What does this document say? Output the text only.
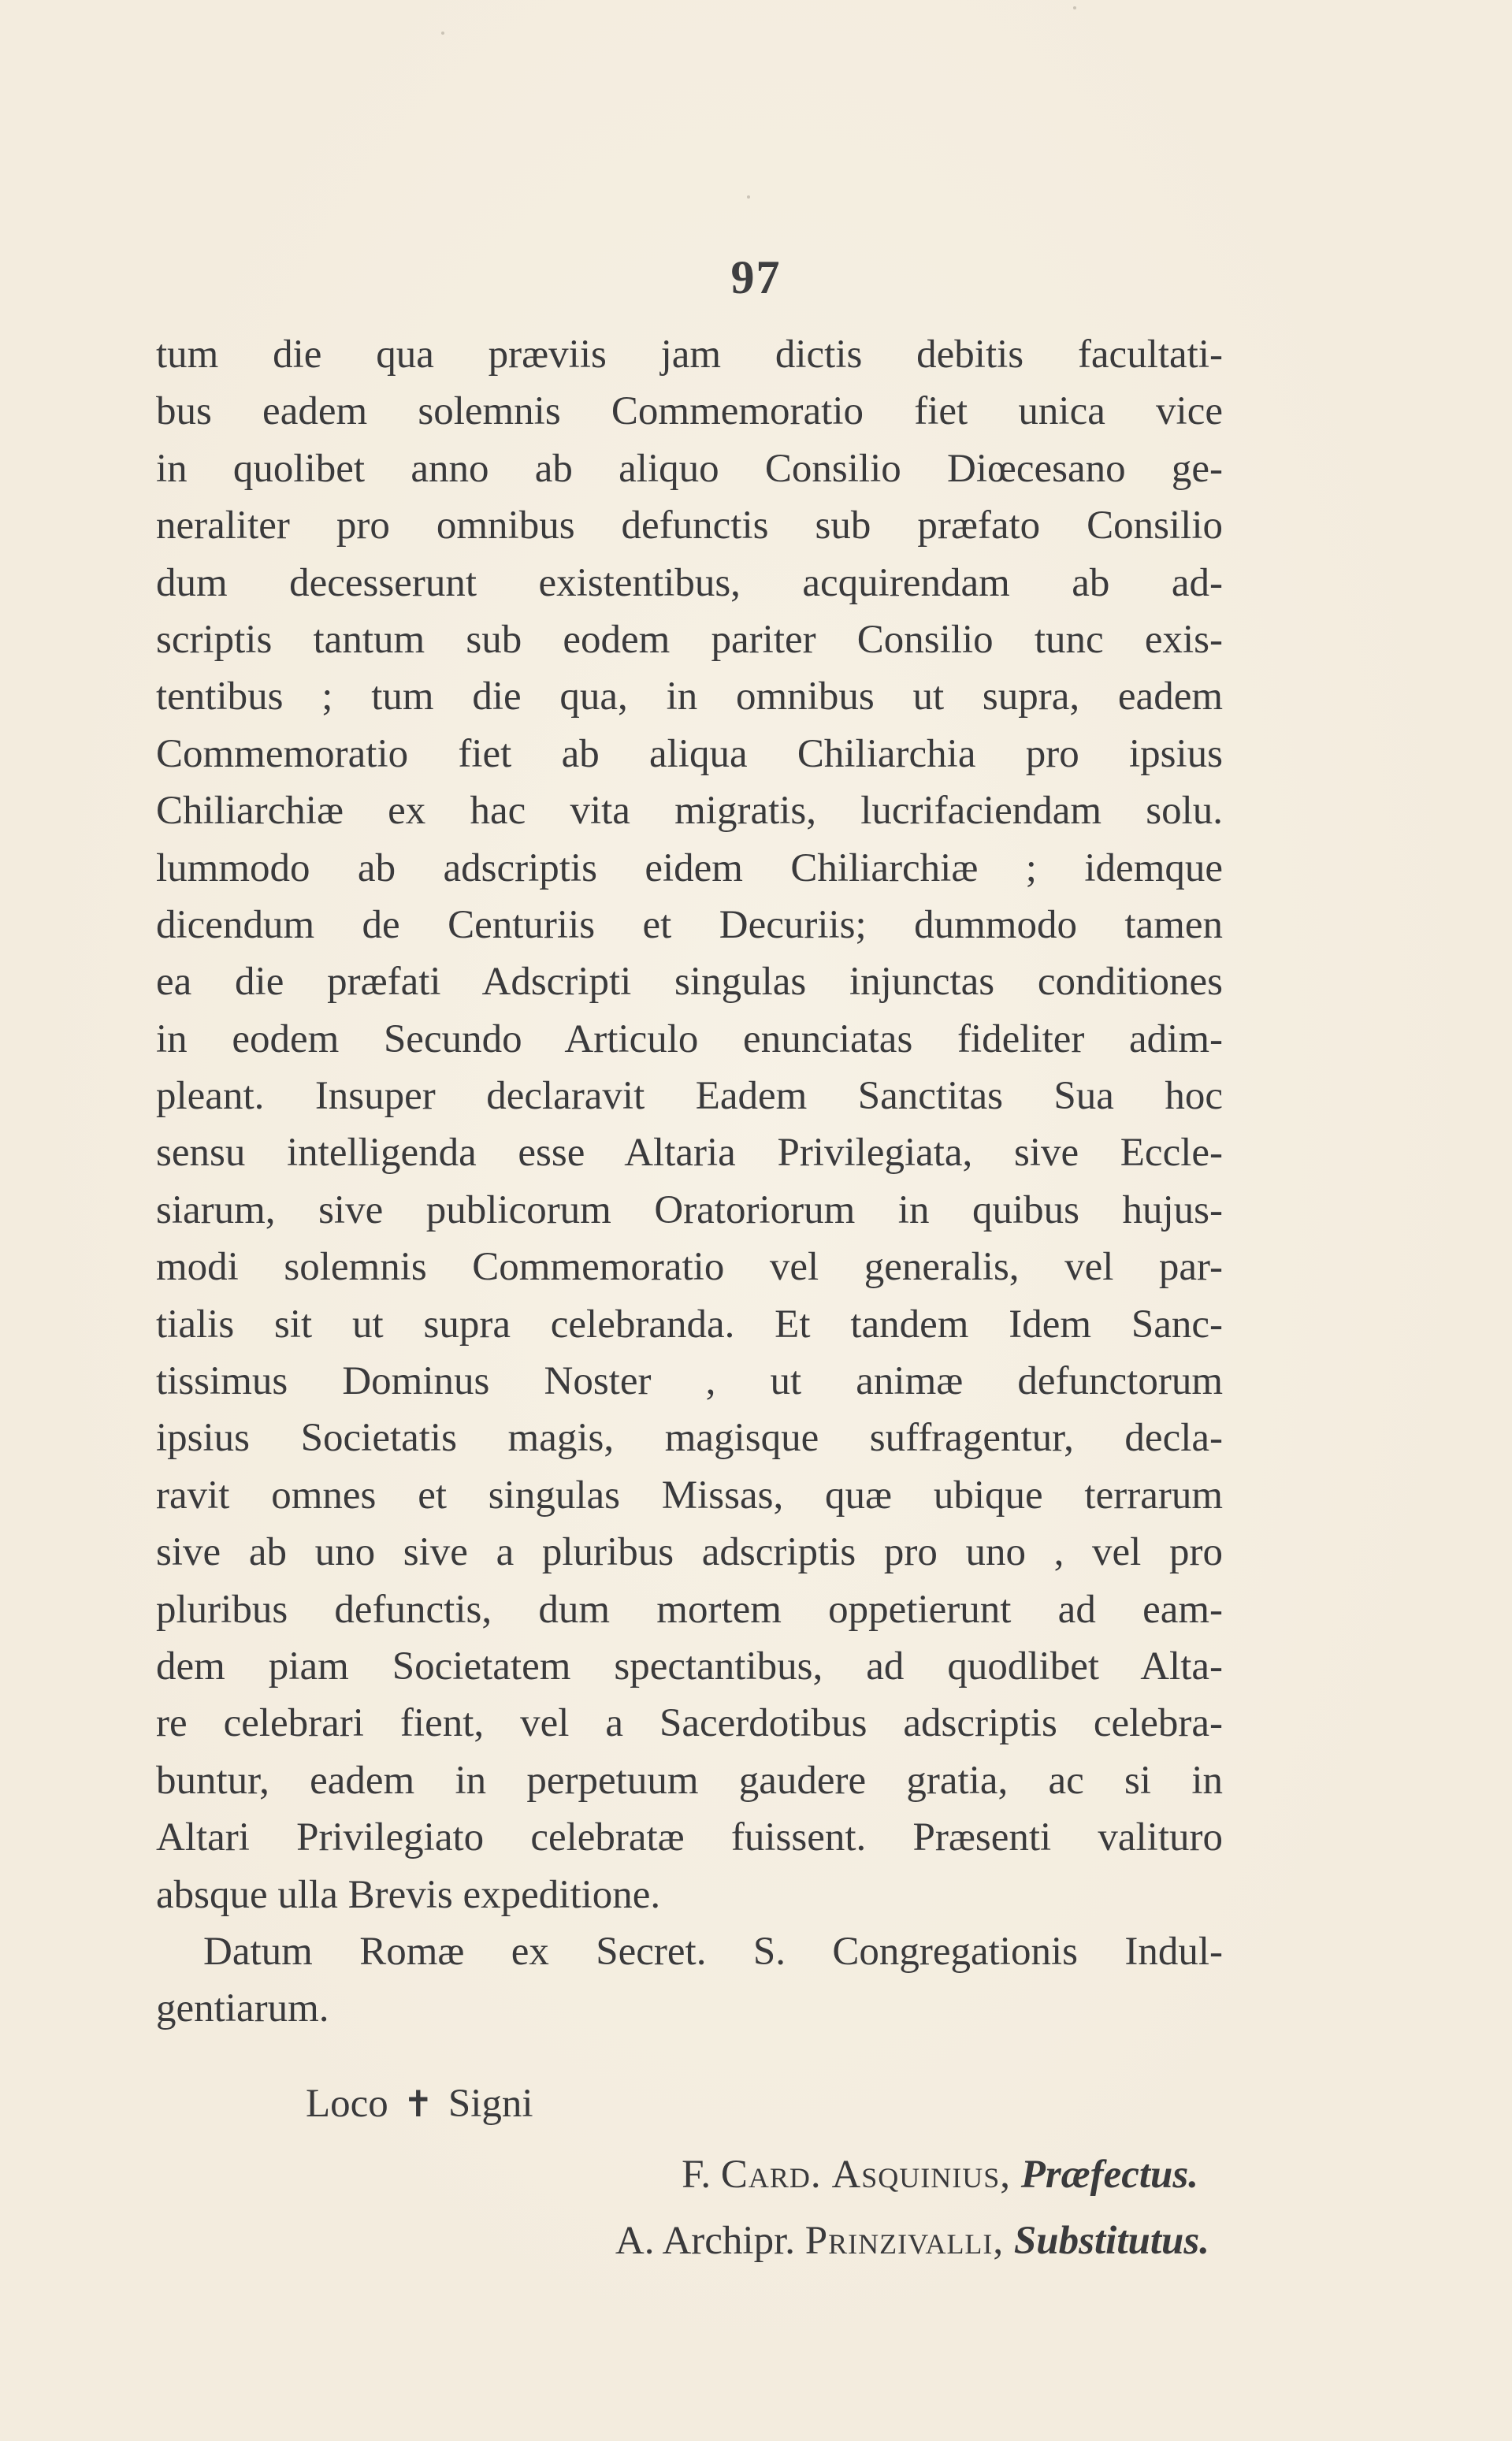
97
tum die qua præviis jam dictis debitis facultati-
bus eadem solemnis Commemoratio fiet unica vice
in quolibet anno ab aliquo Consilio Diœcesano ge-
neraliter pro omnibus defunctis sub præfato Consilio
dum decesserunt existentibus, acquirendam ab ad-
scriptis tantum sub eodem pariter Consilio tunc exis-
tentibus ; tum die qua, in omnibus ut supra, eadem
Commemoratio fiet ab aliqua Chiliarchia pro ipsius
Chiliarchiæ ex hac vita migratis, lucrifaciendam solu.
lummodo ab adscriptis eidem Chiliarchiæ ; idemque
dicendum de Centuriis et Decuriis; dummodo tamen
ea die præfati Adscripti singulas injunctas conditiones
in eodem Secundo Articulo enunciatas fideliter adim-
pleant. Insuper declaravit Eadem Sanctitas Sua hoc
sensu intelligenda esse Altaria Privilegiata, sive Eccle-
siarum, sive publicorum Oratoriorum in quibus hujus-
modi solemnis Commemoratio vel generalis, vel par-
tialis sit ut supra celebranda. Et tandem Idem Sanc-
tissimus Dominus Noster , ut animæ defunctorum
ipsius Societatis magis, magisque suffragentur, decla-
ravit omnes et singulas Missas, quæ ubique terrarum
sive ab uno sive a pluribus adscriptis pro uno , vel pro
pluribus defunctis, dum mortem oppetierunt ad eam-
dem piam Societatem spectantibus, ad quodlibet Alta-
re celebrari fient, vel a Sacerdotibus adscriptis celebra-
buntur, eadem in perpetuum gaudere gratia, ac si in
Altari Privilegiato celebratæ fuissent. Præsenti valituro
absque ulla Brevis expeditione.
Datum Romæ ex Secret. S. Congregationis Indul-
gentiarum.
Loco ✝ Signi
F. Card. Asquinius, Præfectus.
A. Archipr. Prinzivalli, Substitutus.
